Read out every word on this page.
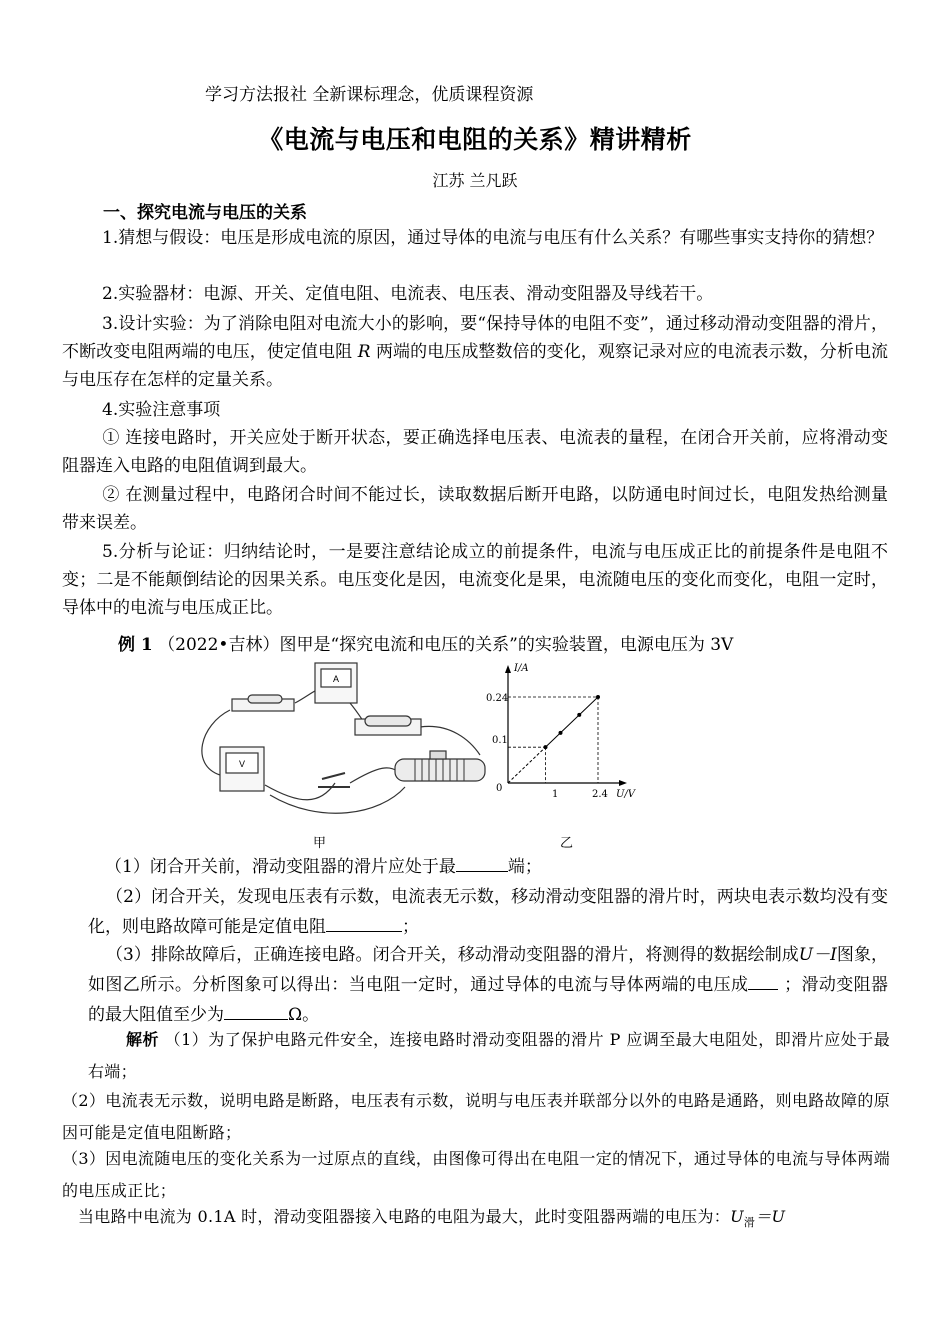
学习方法报社 全新课标理念，优质课程资源
《电流与电压和电阻的关系》精讲精析
江苏 兰凡跃
一、探究电流与电压的关系
1.猜想与假设：电压是形成电流的原因，通过导体的电流与电压有什么关系？有哪些事实支持你的猜想？
2.实验器材：电源、开关、定值电阻、电流表、电压表、滑动变阻器及导线若干。
3.设计实验：为了消除电阻对电流大小的影响，要“保持导体的电阻不变”，通过移动滑动变阻器的滑片，不断改变电阻两端的电压，使定值电阻 R 两端的电压成整数倍的变化，观察记录对应的电流表示数，分析电流与电压存在怎样的定量关系。
4.实验注意事项
① 连接电路时，开关应处于断开状态，要正确选择电压表、电流表的量程，在闭合开关前，应将滑动变阻器连入电路的电阻值调到最大。
② 在测量过程中，电路闭合时间不能过长，读取数据后断开电路，以防通电时间过长，电阻发热给测量带来误差。
5.分析与论证：归纳结论时，一是要注意结论成立的前提条件，电流与电压成正比的前提条件是电阻不变；二是不能颠倒结论的因果关系。电压变化是因，电流变化是果，电流随电压的变化而变化，电阻一定时，导体中的电流与电压成正比。
例 1 （2022•吉林）图甲是“探究电流和电压的关系”的实验装置，电源电压为 3V
A
V
I/A
U/V
0.24
0.1
1	2.4
0
甲	乙
（1）闭合开关前，滑动变阻器的滑片应处于最	端；
（2）闭合开关，发现电压表有示数，电流表无示数，移动滑动变阻器的滑片时，两块电表示数均没有变化，则电路故障可能是定值电阻	；
（3）排除故障后，正确连接电路。闭合开关，移动滑动变阻器的滑片，将测得的数据绘制成U－I图象，如图乙所示。分析图象可以得出：当电阻一定时，通过导体的电流与导体两端的电压成 ；滑动变阻器的最大阻值至少为	Ω。
解析 （1）为了保护电路元件安全，连接电路时滑动变阻器的滑片 P 应调至最大电阻处，即滑片应处于最右端；
（2）电流表无示数，说明电路是断路，电压表有示数，说明与电压表并联部分以外的电路是通路，则电路故障的原因可能是定值电阻断路；
（3）因电流随电压的变化关系为一过原点的直线，由图像可得出在电阻一定的情况下，通过导体的电流与导体两端的电压成正比；
当电路中电流为 0.1A 时，滑动变阻器接入电路的电阻为最大，此时变阻器两端的电压为：$U_滑=U$
